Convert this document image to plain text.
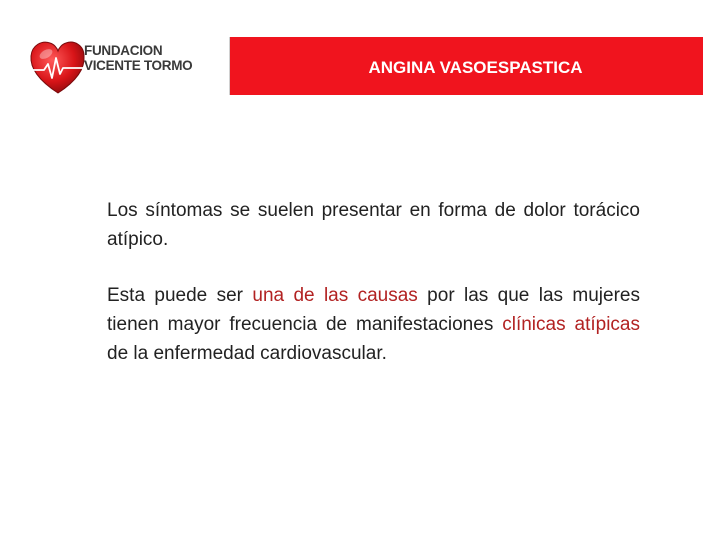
FUNDACION
VICENTE TORMO	ANGINA VASOESPASTICA

Los síntomas se suelen presentar en forma de dolor torácico atípico.

Esta puede ser una de las causas por las que las mujeres tienen mayor frecuencia de manifestaciones clínicas atípicas de la enfermedad cardiovascular.
